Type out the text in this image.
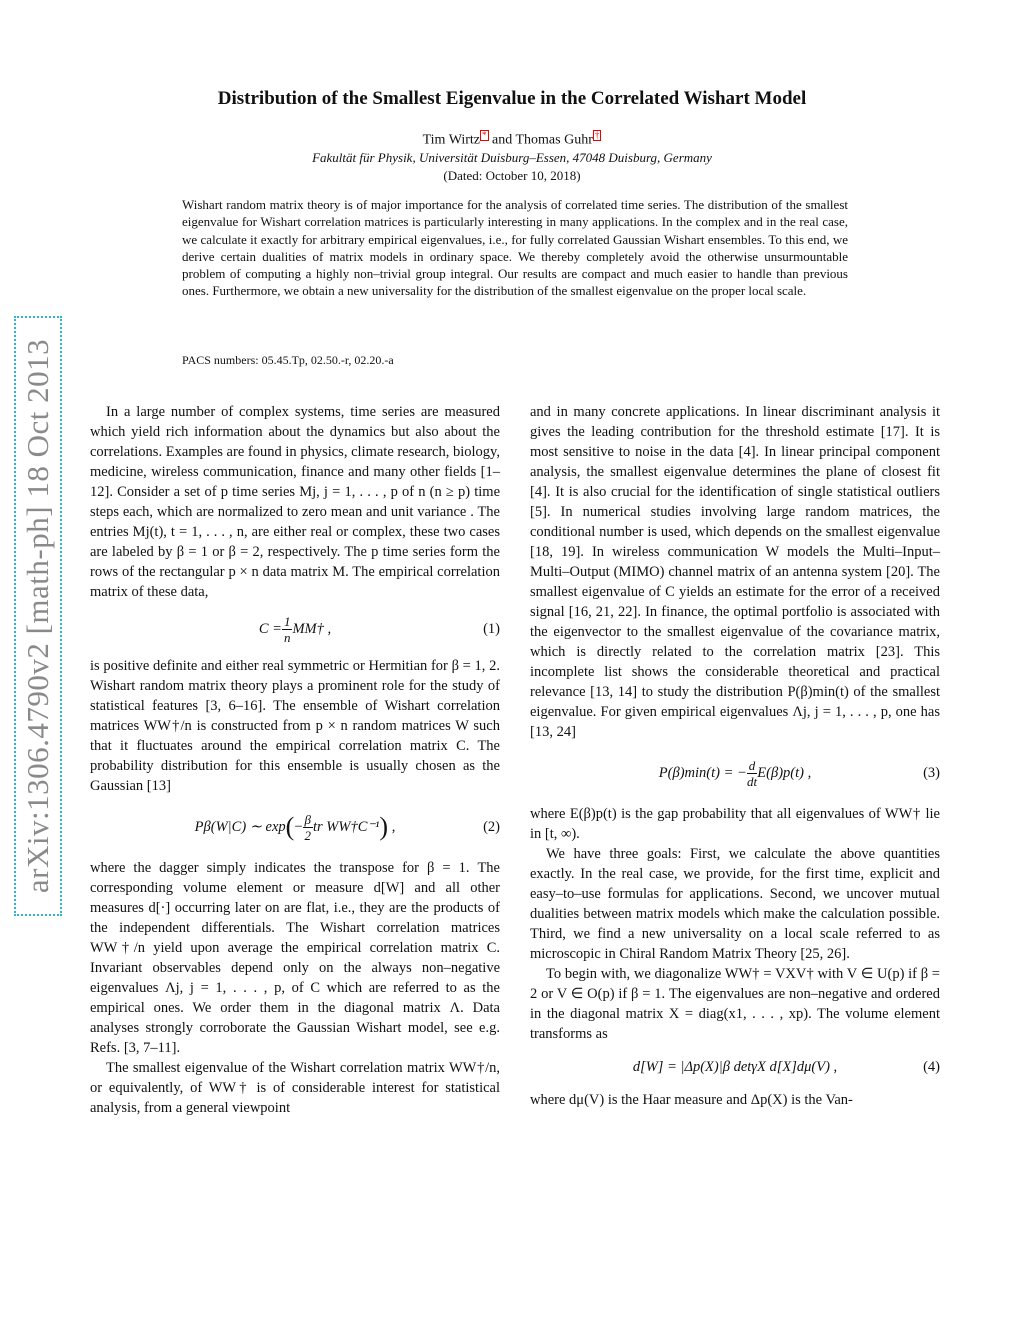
arXiv:1306.4790v2 [math-ph] 18 Oct 2013
Distribution of the Smallest Eigenvalue in the Correlated Wishart Model
Tim Wirtz * and Thomas Guhr †
Fakultät für Physik, Universität Duisburg–Essen, 47048 Duisburg, Germany
(Dated: October 10, 2018)

Wishart random matrix theory is of major importance for the analysis of correlated time series. The distribution of the smallest eigenvalue for Wishart correlation matrices is particularly interesting in many applications. In the complex and in the real case, we calculate it exactly for arbitrary empirical eigenvalues, i.e., for fully correlated Gaussian Wishart ensembles. To this end, we derive certain dualities of matrix models in ordinary space. We thereby completely avoid the otherwise unsurmountable problem of computing a highly non–trivial group integral. Our results are compact and much easier to handle than previous ones. Furthermore, we obtain a new universality for the distribution of the smallest eigenvalue on the proper local scale.

PACS numbers: 05.45.Tp, 02.50.-r, 02.20.-a

In a large number of complex systems, time series are measured which yield rich information about the dynamics but also about the correlations. Examples are found in physics, climate research, biology, medicine, wireless communication, finance and many other fields [1–12]. Consider a set of p time series Mj, j = 1, . . . , p of n (n ≥ p) time steps each, which are normalized to zero mean and unit variance . The entries Mj(t), t = 1, . . . , n, are either real or complex, these two cases are labeled by β = 1 or β = 2, respectively. The p time series form the rows of the rectangular p × n data matrix M. The empirical correlation matrix of these data,

$C = \frac{1}{n}$ MM† ,	(1)

is positive definite and either real symmetric or Hermitian for β = 1, 2. Wishart random matrix theory plays a prominent role for the study of statistical features [3, 6–16]. The ensemble of Wishart correlation matrices WW†/n is constructed from p × n random matrices W such that it fluctuates around the empirical correlation matrix C. The probability distribution for this ensemble is usually chosen as the Gaussian [13]

Pβ(W|C) ∼ exp ( − $\frac{\beta}{2}$ tr WW†C⁻¹ ) ,	(2)

where the dagger simply indicates the transpose for β = 1. The corresponding volume element or measure d[W] and all other measures d[·] occurring later on are flat, i.e., they are the products of the independent differentials. The Wishart correlation matrices WW†/n yield upon average the empirical correlation matrix C. Invariant observables depend only on the always non–negative eigenvalues Λj, j = 1, . . . , p, of C which are referred to as the empirical ones. We order them in the diagonal matrix Λ. Data analyses strongly corroborate the Gaussian Wishart model, see e.g. Refs. [3, 7–11].

The smallest eigenvalue of the Wishart correlation matrix WW†/n, or equivalently, of WW† is of considerable interest for statistical analysis, from a general viewpoint

and in many concrete applications. In linear discriminant analysis it gives the leading contribution for the threshold estimate [17]. It is most sensitive to noise in the data [4]. In linear principal component analysis, the smallest eigenvalue determines the plane of closest fit [4]. It is also crucial for the identification of single statistical outliers [5]. In numerical studies involving large random matrices, the conditional number is used, which depends on the smallest eigenvalue [18, 19]. In wireless communication W models the Multi–Input–Multi–Output (MIMO) channel matrix of an antenna system [20]. The smallest eigenvalue of C yields an estimate for the error of a received signal [16, 21, 22]. In finance, the optimal portfolio is associated with the eigenvector to the smallest eigenvalue of the covariance matrix, which is directly related to the correlation matrix [23]. This incomplete list shows the considerable theoretical and practical relevance [13, 14] to study the distribution P(β)min(t) of the smallest eigenvalue. For given empirical eigenvalues Λj, j = 1, . . . , p, one has [13, 24]

P(β)min(t) = − $\frac{d}{dt} E(\beta)p(t)$ ,	(3)

where E(β)p(t) is the gap probability that all eigenvalues of WW† lie in [t, ∞).

We have three goals: First, we calculate the above quantities exactly. In the real case, we provide, for the first time, explicit and easy–to–use formulas for applications. Second, we uncover mutual dualities between matrix models which make the calculation possible. Third, we find a new universality on a local scale referred to as microscopic in Chiral Random Matrix Theory [25, 26].

To begin with, we diagonalize WW† = VXV† with V ∈ U(p) if β = 2 or V ∈ O(p) if β = 1. The eigenvalues are non–negative and ordered in the diagonal matrix X = diag(x1, . . . , xp). The volume element transforms as

d[W] = |Δp(X)|β detγX d[X]dμ(V) ,	(4)

where dμ(V) is the Haar measure and Δp(X) is the Van-
